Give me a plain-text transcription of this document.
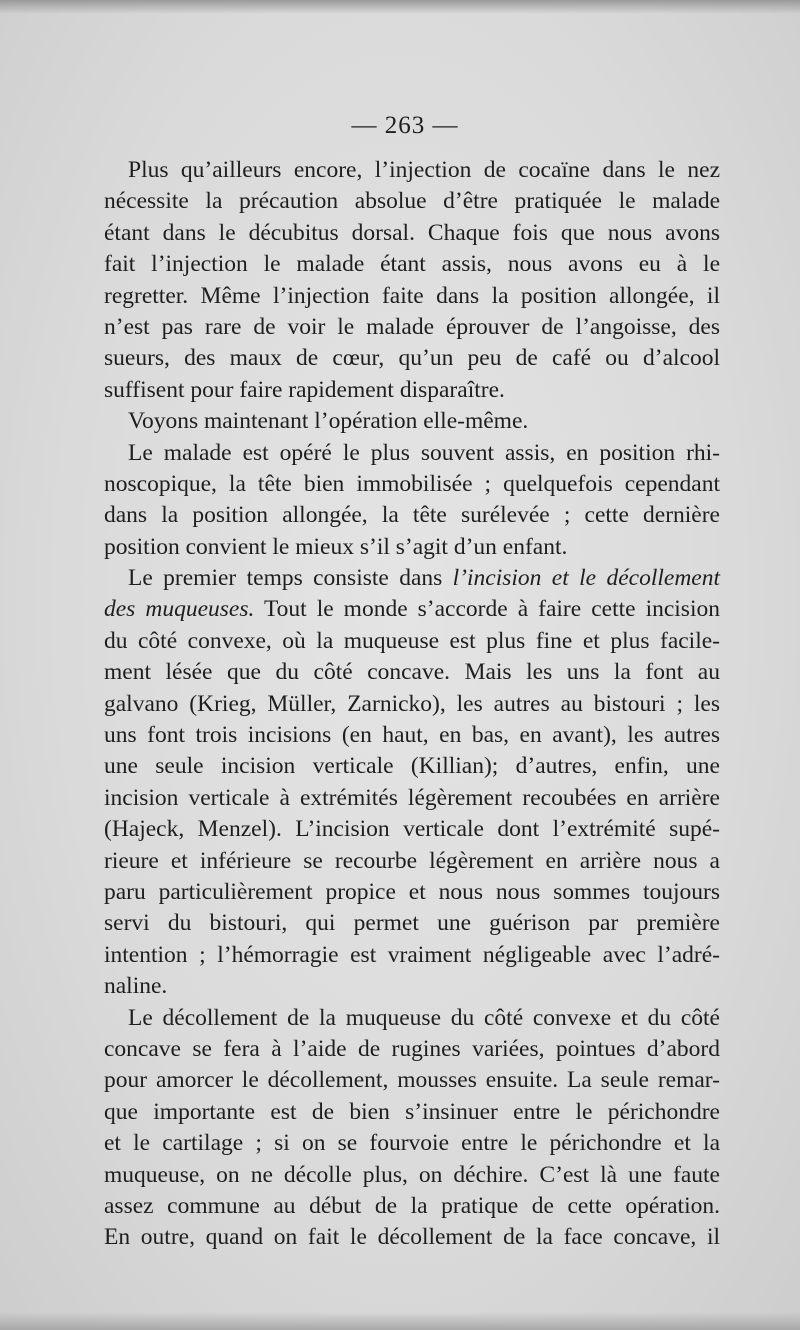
— 263 —
Plus qu’ailleurs encore, l’injection de cocaïne dans le nez
nécessite la précaution absolue d’être pratiquée le malade
étant dans le décubitus dorsal. Chaque fois que nous avons
fait l’injection le malade étant assis, nous avons eu à le
regretter. Même l’injection faite dans la position allongée, il
n’est pas rare de voir le malade éprouver de l’angoisse, des
sueurs, des maux de cœur, qu’un peu de café ou d’alcool
suffisent pour faire rapidement disparaître.
Voyons maintenant l’opération elle-même.
Le malade est opéré le plus souvent assis, en position rhi-
noscopique, la tête bien immobilisée ; quelquefois cependant
dans la position allongée, la tête surélevée ; cette dernière
position convient le mieux s’il s’agit d’un enfant.
Le premier temps consiste dans l’incision et le décollement
des muqueuses. Tout le monde s’accorde à faire cette incision
du côté convexe, où la muqueuse est plus fine et plus facile-
ment lésée que du côté concave. Mais les uns la font au
galvano (Krieg, Müller, Zarnicko), les autres au bistouri ; les
uns font trois incisions (en haut, en bas, en avant), les autres
une seule incision verticale (Killian); d’autres, enfin, une
incision verticale à extrémités légèrement recoubées en arrière
(Hajeck, Menzel). L’incision verticale dont l’extrémité supé-
rieure et inférieure se recourbe légèrement en arrière nous a
paru particulièrement propice et nous nous sommes toujours
servi du bistouri, qui permet une guérison par première
intention ; l’hémorragie est vraiment négligeable avec l’adré-
naline.
Le décollement de la muqueuse du côté convexe et du côté
concave se fera à l’aide de rugines variées, pointues d’abord
pour amorcer le décollement, mousses ensuite. La seule remar-
que importante est de bien s’insinuer entre le périchondre
et le cartilage ; si on se fourvoie entre le périchondre et la
muqueuse, on ne décolle plus, on déchire. C’est là une faute
assez commune au début de la pratique de cette opération.
En outre, quand on fait le décollement de la face concave, il
